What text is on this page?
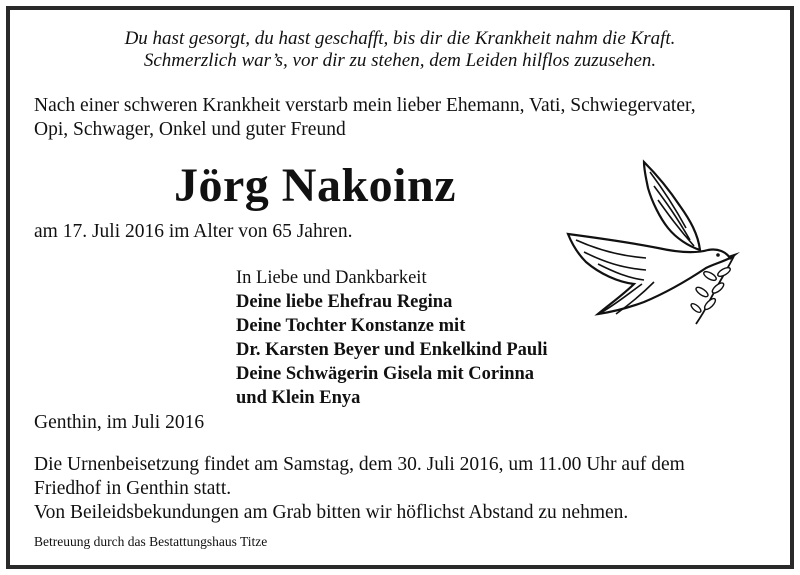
Du hast gesorgt, du hast geschafft, bis dir die Krankheit nahm die Kraft.
Schmerzlich war’s, vor dir zu stehen, dem Leiden hilflos zuzusehen.
Nach einer schweren Krankheit verstarb mein lieber Ehemann, Vati, Schwiegervater,
Opi, Schwager, Onkel und guter Freund
Jörg Nakoinz
am 17. Juli 2016 im Alter von 65 Jahren.
In Liebe und Dankbarkeit
Deine liebe Ehefrau Regina
Deine Tochter Konstanze mit
Dr. Karsten Beyer und Enkelkind Pauli
Deine Schwägerin Gisela mit Corinna
und Klein Enya
Genthin, im Juli 2016
Die Urnenbeisetzung findet am Samstag, dem 30. Juli 2016, um 11.00 Uhr auf dem
Friedhof in Genthin statt.
Von Beileidsbekundungen am Grab bitten wir höflichst Abstand zu nehmen.
Betreuung durch das Bestattungshaus Titze
